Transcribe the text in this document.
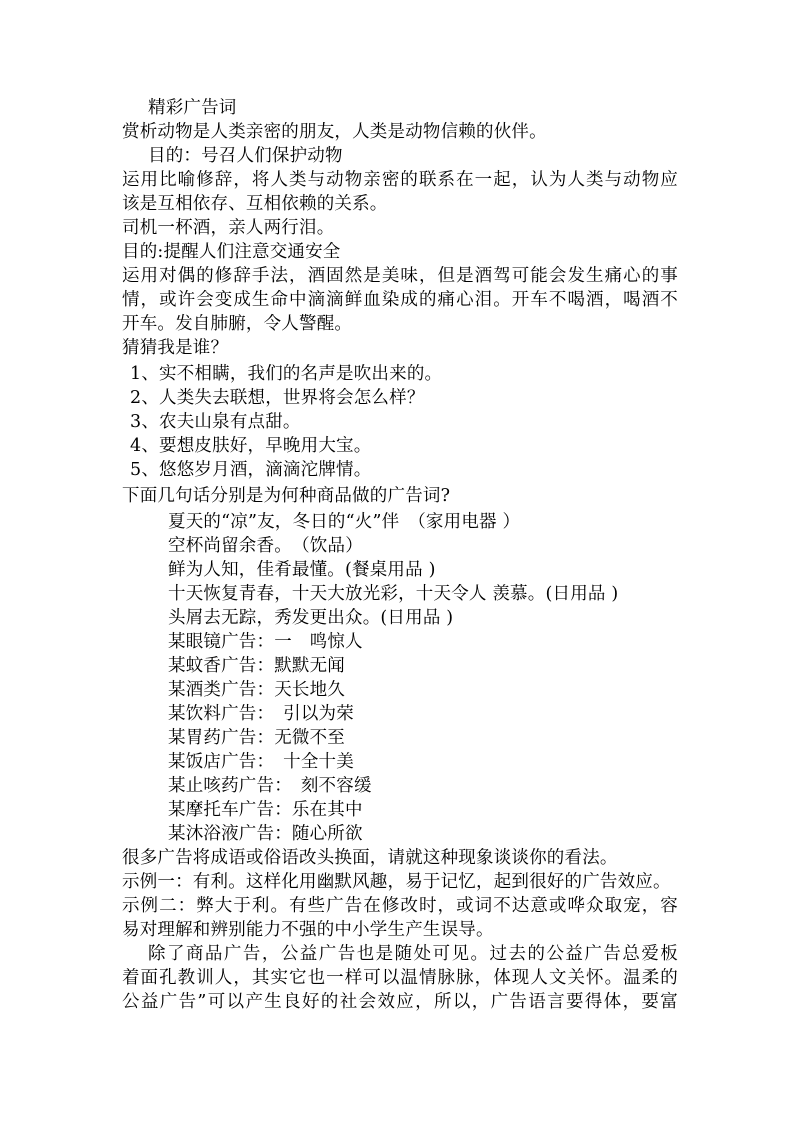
精彩广告词
赏析动物是人类亲密的朋友，人类是动物信赖的伙伴。
目的：号召人们保护动物
运用比喻修辞，将人类与动物亲密的联系在一起，认为人类与动物应
该是互相依存、互相依赖的关系。
司机一杯酒，亲人两行泪。
目的:提醒人们注意交通安全
运用对偶的修辞手法，酒固然是美味，但是酒驾可能会发生痛心的事
情，或许会变成生命中滴滴鲜血染成的痛心泪。开车不喝酒，喝酒不
开车。发自肺腑，令人警醒。
猜猜我是谁？
1、实不相瞒，我们的名声是吹出来的。
2、人类失去联想，世界将会怎么样？
3、农夫山泉有点甜。
4、要想皮肤好，早晚用大宝。
5、悠悠岁月酒，滴滴沱牌情。
下面几句话分别是为何种商品做的广告词?
夏天的“凉”友，冬日的“火”伴　（家用电器 ）
空杯尚留余香。　（饮品）
鲜为人知，佳肴最懂。(餐桌用品 )
十天恢复青春，十天大放光彩，十天令人 羡慕。(日用品 )
头屑去无踪，秀发更出众。(日用品 )
某眼镜广告：一　鸣惊人
某蚊香广告：默默无闻
某酒类广告：天长地久
某饮料广告：　引以为荣
某胃药广告：无微不至
某饭店广告：　十全十美
某止咳药广告：　刻不容缓
某摩托车广告：乐在其中
某沐浴液广告：随心所欲
很多广告将成语或俗语改头换面，请就这种现象谈谈你的看法。
示例一：有利。这样化用幽默风趣，易于记忆，起到很好的广告效应。
示例二：弊大于利。有些广告在修改时，或词不达意或哗众取宠，容
易对理解和辨别能力不强的中小学生产生误导。
除了商品广告，公益广告也是随处可见。过去的公益广告总爱板
着面孔教训人，其实它也一样可以温情脉脉，体现人文关怀。温柔的
公益广告”可以产生良好的社会效应，所以，广告语言要得体，要富
